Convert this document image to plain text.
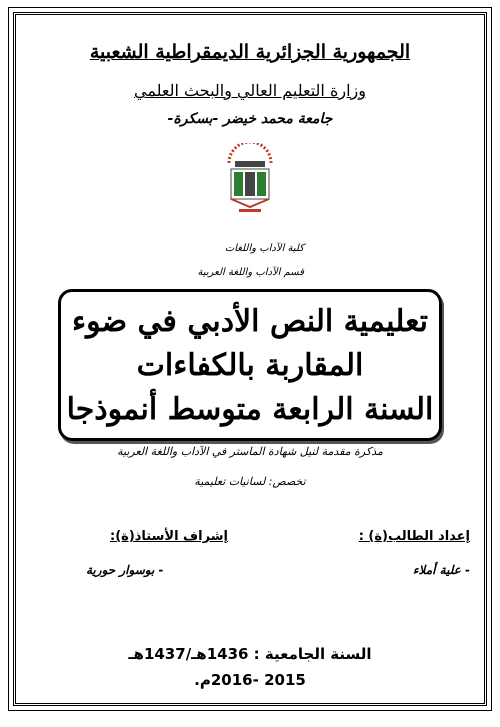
الجمهورية الجزائرية الديمقراطية الشعبية
وزارة التعليم العالي والبحث العلمي
جامعة محمد خيضر -بسكرة-
كلية الآداب واللغات
قسم الآداب واللغة العربية
تعليمية النص الأدبي في ضوء
المقاربة بالكفاءات
السنة الرابعة متوسط أنموذجا
مذكرة مقدمة لنيل شهادة الماستر في الآداب واللغة العربية
تخصص: لسانيات تعليمية
إعداد الطالب(ة) :
إشراف الأستاذ(ة):
- علية أملاء
- بوسوار حورية
السنة الجامعية : 1436هـ/1437هـ
2015 -2016م.
